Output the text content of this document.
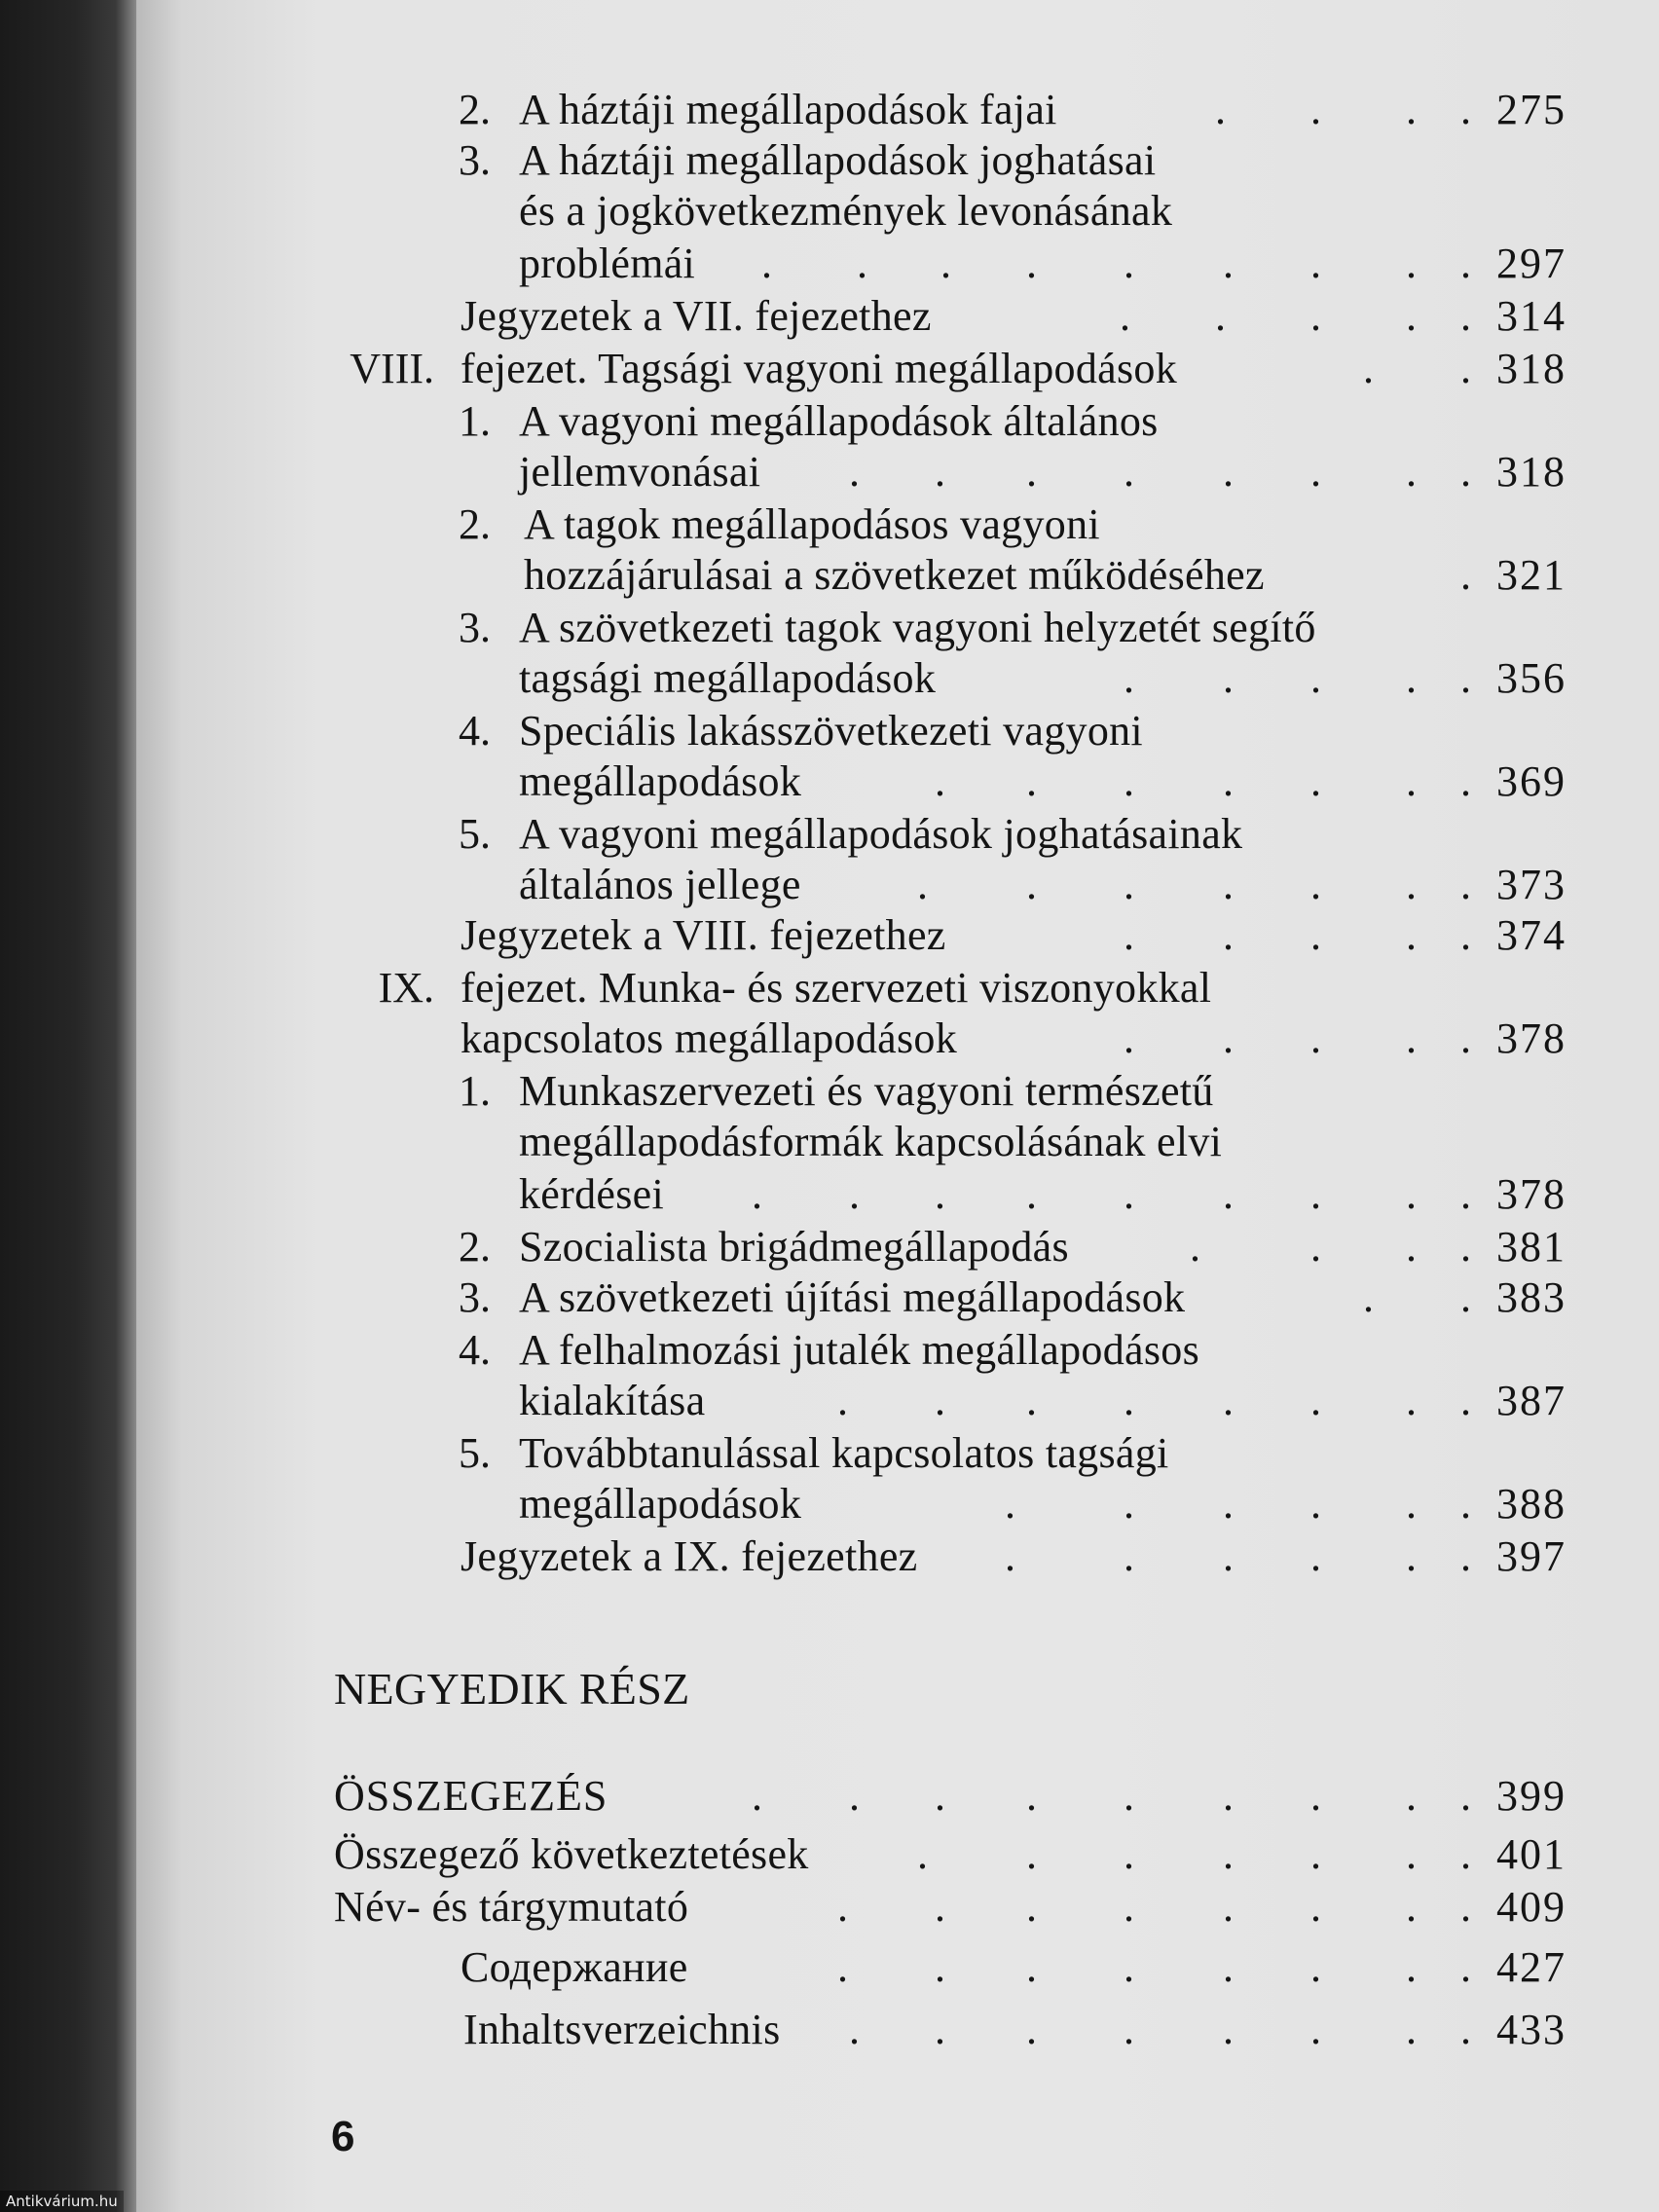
2. A háztáji megállapodások fajai	. . . . 275
3. A háztáji megállapodások joghatásai
és a jogkövetkezmények levonásának
problémái . . . . . . . . . 297
Jegyzetek a VII. fejezethez	. . . . . 314
VIII. fejezet. Tagsági vagyoni megállapodások	. . 318
1. A vagyoni megállapodások általános
jellemvonásai . . . . . . . . 318
2. A tagok megállapodásos vagyoni
hozzájárulásai a szövetkezet működéséhez	. 321
3. A szövetkezeti tagok vagyoni helyzetét segítő
tagsági megállapodások	. . . . . 356
4. Speciális lakásszövetkezeti vagyoni
megállapodások	. . . . . . . 369
5. A vagyoni megállapodások joghatásainak
általános jellege	. . . . . . . 373
Jegyzetek a VIII. fejezethez	. . . . . 374
IX. fejezet. Munka- és szervezeti viszonyokkal
kapcsolatos megállapodások	. . . . . 378
1. Munkaszervezeti és vagyoni természetű
megállapodásformák kapcsolásának elvi
kérdései . . . . . . . . . 378
2. Szocialista brigádmegállapodás	.	. . . 381
3. A szövetkezeti újítási megállapodások	. . 383
4. A felhalmozási jutalék megállapodásos
kialakítása	. . . . . . . . 387
5. Továbbtanulással kapcsolatos tagsági
megállapodások	.	. . . . . 388
Jegyzetek a IX. fejezethez .	. . . . . 397
NEGYEDIK RÉSZ
ÖSSZEGEZÉS	. . . . . . . . . 399
Összegező következtetések	. . . . . . . 401
Név- és tárgymutató	. . . . . . . . 409
Содержание	. . . . . . . . 427
Inhaltsverzeichnis . . . . . . . . 433
6
Antikvárium.hu
